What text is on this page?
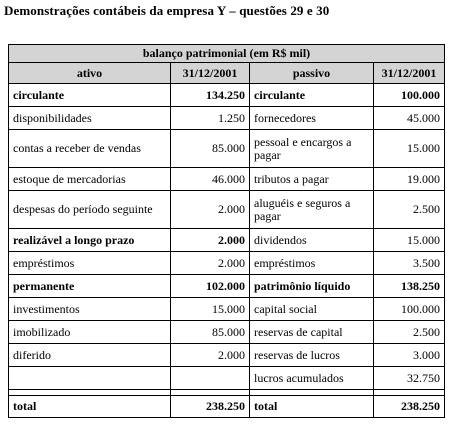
Demonstrações contábeis da empresa Y – questões 29 e 30
balanço patrimonial (em R$ mil)			
ativo	31/12/2001	passivo	31/12/2001
circulante	134.250	circulante	100.000
disponibilidades	1.250	fornecedores	45.000
contas a receber de vendas	85.000	pessoal e encargos a pagar	15.000
estoque de mercadorias	46.000	tributos a pagar	19.000
despesas do período seguinte	2.000	aluguéis e seguros a pagar	2.500
realizável a longo prazo	2.000	dividendos	15.000
empréstimos	2.000	empréstimos	3.500
permanente	102.000	patrimônio líquido	138.250
investimentos	15.000	capital social	100.000
imobilizado	85.000	reservas de capital	2.500
diferido	2.000	reservas de lucros	3.000
		lucros acumulados	32.750

total	238.250	total	238.250
